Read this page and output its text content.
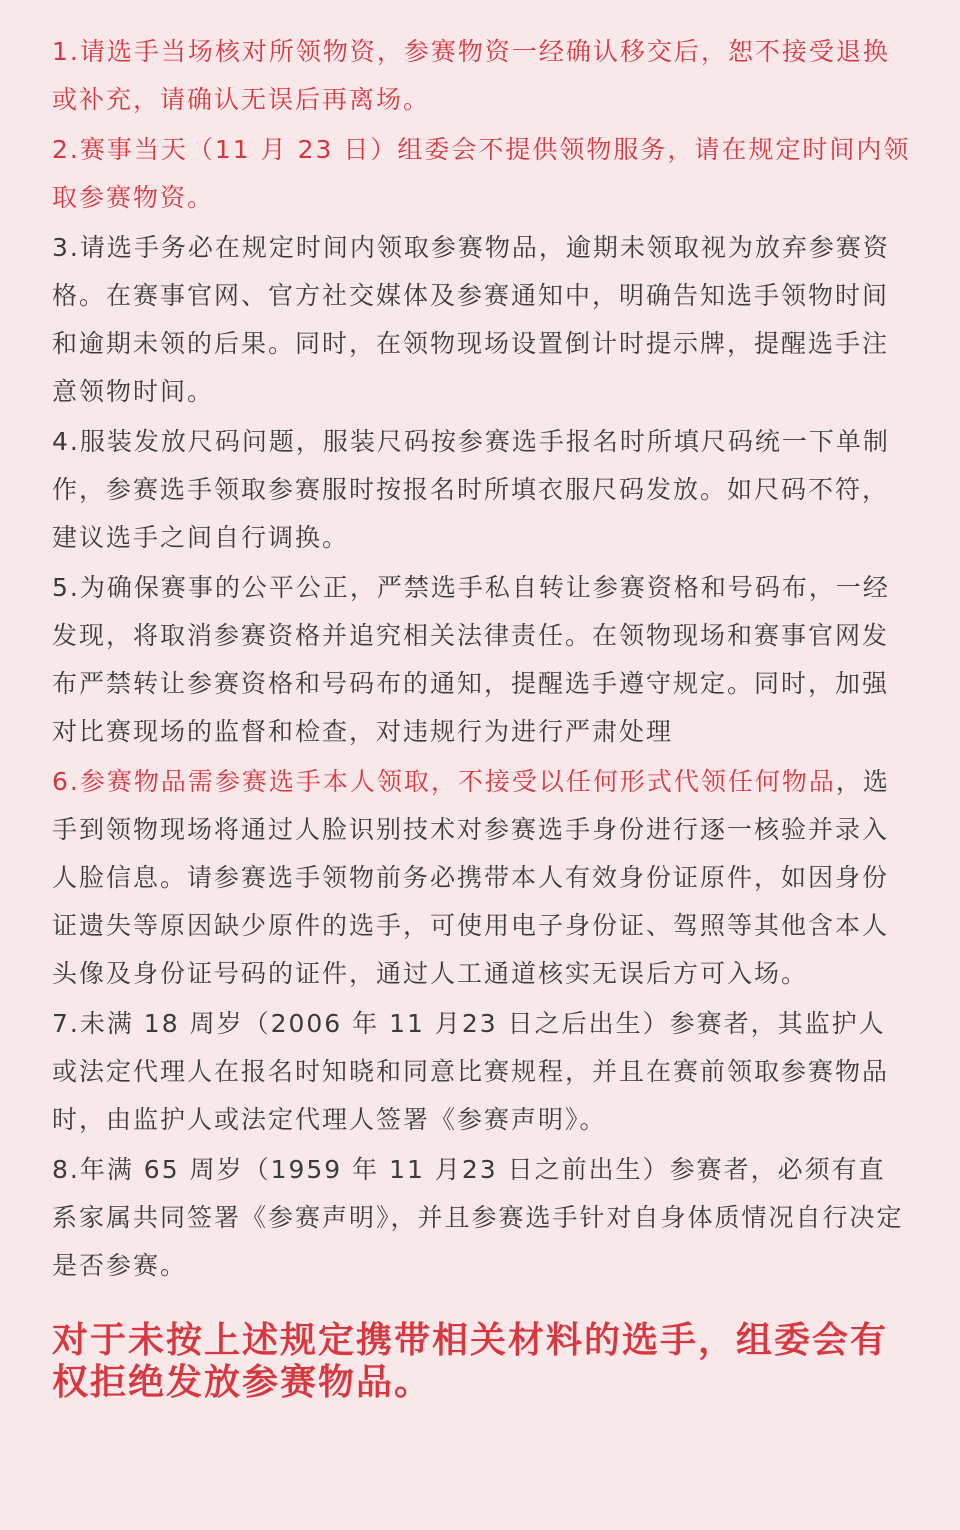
1.请选手当场核对所领物资，参赛物资一经确认移交后，恕不接受退换或补充，请确认无误后再离场。

2.赛事当天（11 月 23 日）组委会不提供领物服务，请在规定时间内领取参赛物资。

3.请选手务必在规定时间内领取参赛物品，逾期未领取视为放弃参赛资格。在赛事官网、官方社交媒体及参赛通知中，明确告知选手领物时间和逾期未领的后果。同时，在领物现场设置倒计时提示牌，提醒选手注意领物时间。

4.服装发放尺码问题，服装尺码按参赛选手报名时所填尺码统一下单制作，参赛选手领取参赛服时按报名时所填衣服尺码发放。如尺码不符，建议选手之间自行调换。

5.为确保赛事的公平公正，严禁选手私自转让参赛资格和号码布，一经发现，将取消参赛资格并追究相关法律责任。在领物现场和赛事官网发布严禁转让参赛资格和号码布的通知，提醒选手遵守规定。同时，加强对比赛现场的监督和检查，对违规行为进行严肃处理

6.参赛物品需参赛选手本人领取，不接受以任何形式代领任何物品，选手到领物现场将通过人脸识别技术对参赛选手身份进行逐一核验并录入人脸信息。请参赛选手领物前务必携带本人有效身份证原件，如因身份证遗失等原因缺少原件的选手，可使用电子身份证、驾照等其他含本人头像及身份证号码的证件，通过人工通道核实无误后方可入场。

7.未满 18 周岁（2006 年 11 月23 日之后出生）参赛者，其监护人或法定代理人在报名时知晓和同意比赛规程，并且在赛前领取参赛物品时，由监护人或法定代理人签署《参赛声明》。

8.年满 65 周岁（1959 年 11 月23 日之前出生）参赛者，必须有直系家属共同签署《参赛声明》，并且参赛选手针对自身体质情况自行决定是否参赛。

对于未按上述规定携带相关材料的选手，组委会有权拒绝发放参赛物品。
